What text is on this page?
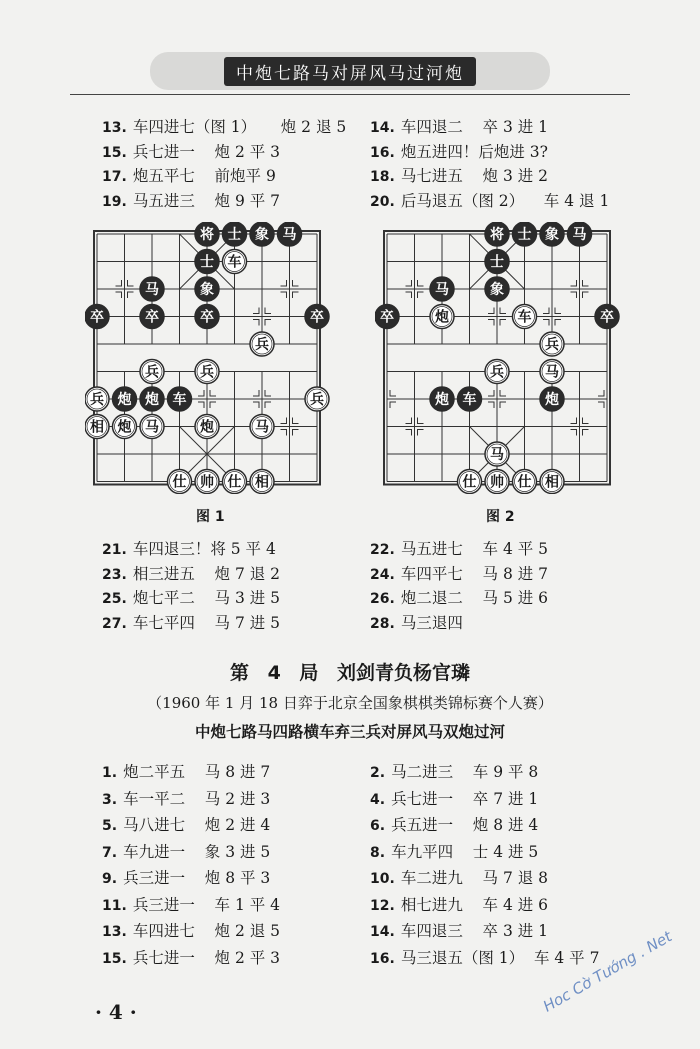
中炮七路马对屏风马过河炮
13. 车四进七（图 1）     炮 2 退 5 14. 车四退二    卒 3 进 1
15. 兵七进一    炮 2 平 3	16. 炮五进四！后炮进 3?
17. 炮五平七    前炮平 9	18. 马七进五    炮 3 进 2
19. 马五进三    炮 9 平 7	20. 后马退五（图 2）    车 4 退 1
将 士 象 马
士 车
马	象
卒	卒	卒	卒
兵
兵	兵
兵 炮 炮 车	兵
相 炮 马	炮	马
仕 帅 仕 相
图 1
将 士 象 马
士
马	象
卒	炮	车	卒
兵
兵	马
炮 车	炮
马
仕 帅 仕 相
图 2
21. 车四退三！将 5 平 4	22. 马五进七    车 4 平 5
23. 相三进五    炮 7 退 2	24. 车四平七    马 8 进 7
25. 炮七平二    马 3 进 5	26. 炮二退二    马 5 进 6
27. 车七平四    马 7 进 5	28. 马三退四
第 4 局 刘剑青负杨官璘
（1960 年 1 月 18 日弈于北京全国象棋棋类锦标赛个人赛）
中炮七路马四路横车弃三兵对屏风马双炮过河
1. 炮二平五    马 8 进 7	2. 马二进三    车 9 平 8
3. 车一平二    马 2 进 3	4. 兵七进一    卒 7 进 1
5. 马八进七    炮 2 进 4	6. 兵五进一    炮 8 进 4
7. 车九进一    象 3 进 5	8. 车九平四    士 4 进 5
9. 兵三进一    炮 8 平 3	10. 车二进九    马 7 退 8
11. 兵三进一    车 1 平 4	12. 相七进九    车 4 进 6
13. 车四进七    炮 2 退 5	14. 车四退三    卒 3 进 1
15. 兵七进一    炮 2 平 3	16. 马三退五（图 1）  车 4 平 7
· 4 ·	Hoc Cờ Tướng . Net
